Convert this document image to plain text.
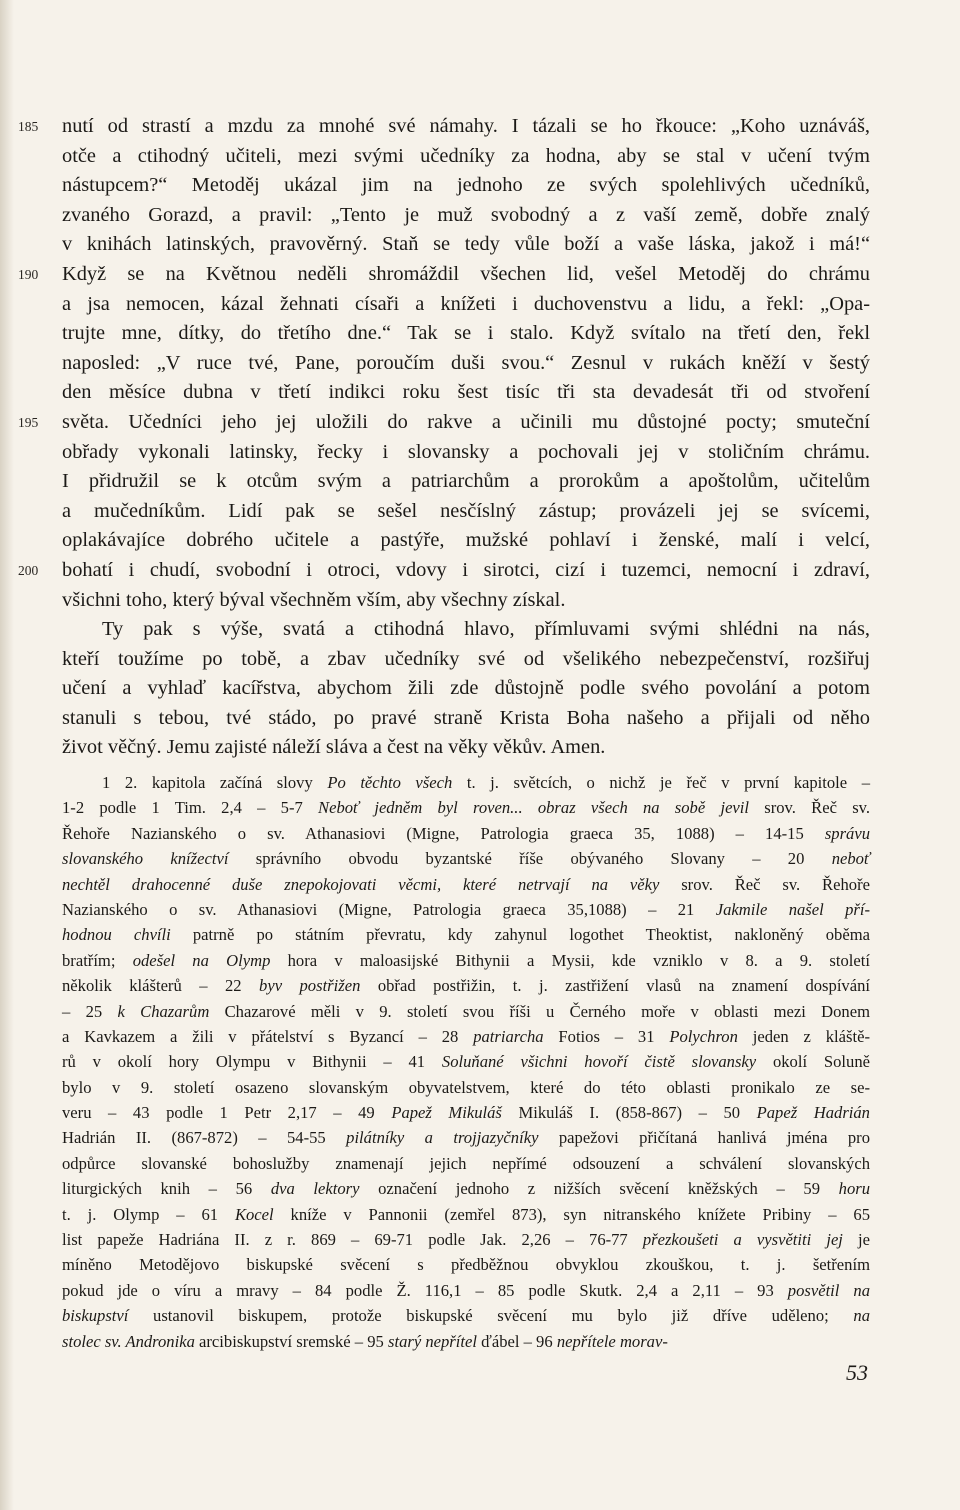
nutí od strastí a mzdu za mnohé své námahy. I tázali se ho řkouce: „Koho uznáváš,
otče a ctihodný učiteli, mezi svými učedníky za hodna, aby se stal v učení tvým
nástupcem?“ Metoděj ukázal jim na jednoho ze svých spolehlivých učedníků,
zvaného Gorazd, a pravil: „Tento je muž svobodný a z vaší země, dobře znalý
v knihách latinských, pravověrný. Staň se tedy vůle boží a vaše láska, jakož i má!“
Když se na Květnou neděli shromáždil všechen lid, vešel Metoděj do chrámu
a jsa nemocen, kázal žehnati císaři a knížeti i duchovenstvu a lidu, a řekl: „Opa-
trujte mne, dítky, do třetího dne.“ Tak se i stalo. Když svítalo na třetí den, řekl
naposled: „V ruce tvé, Pane, poroučím duši svou.“ Zesnul v rukách kněží v šestý
den měsíce dubna v třetí indikci roku šest tisíc tři sta devadesát tři od stvoření
světa. Učedníci jeho jej uložili do rakve a učinili mu důstojné pocty; smuteční
obřady vykonali latinsky, řecky i slovansky a pochovali jej v stoličním chrámu.
I přidružil se k otcům svým a patriarchům a prorokům a apoštolům, učitelům
a mučedníkům. Lidí pak se sešel nesčíslný zástup; provázeli jej se svícemi,
oplakávajíce dobrého učitele a pastýře, mužské pohlaví i ženské, malí i velcí,
bohatí i chudí, svobodní i otroci, vdovy i sirotci, cizí i tuzemci, nemocní i zdraví,
všichni toho, který býval všechněm vším, aby všechny získal.
Ty pak s výše, svatá a ctihodná hlavo, přímluvami svými shlédni na nás,
kteří toužíme po tobě, a zbav učedníky své od všelikého nebezpečenství, rozšiřuj
učení a vyhlaď kacířstva, abychom žili zde důstojně podle svého povolání a potom
stanuli s tebou, tvé stádo, po pravé straně Krista Boha našeho a přijali od něho
život věčný. Jemu zajisté náleží sláva a čest na věky věkův. Amen.
185
190
195
200
1 2. kapitola začíná slovy Po těchto všech t. j. světcích, o nichž je řeč v první kapitole –
1-2 podle 1 Tim. 2,4 – 5-7 Neboť jedněm byl roven... obraz všech na sobě jevil srov. Řeč sv.
Řehoře Nazianského o sv. Athanasiovi (Migne, Patrologia graeca 35, 1088) – 14-15 správu
slovanského knížectví správního obvodu byzantské říše obývaného Slovany – 20 neboť
nechtěl drahocenné duše znepokojovati věcmi, které netrvají na věky srov. Řeč sv. Řehoře
Nazianského o sv. Athanasiovi (Migne, Patrologia graeca 35,1088) – 21 Jakmile našel pří-
hodnou chvíli patrně po státním převratu, kdy zahynul logothet Theoktist, nakloněný oběma
bratřím; odešel na Olymp hora v maloasijské Bithynii a Mysii, kde vzniklo v 8. a 9. století
několik klášterů – 22 byv postřižen obřad postřižin, t. j. zastřižení vlasů na znamení dospívání
– 25 k Chazarům Chazarové měli v 9. století svou říši u Černého moře v oblasti mezi Donem
a Kavkazem a žili v přátelství s Byzancí – 28 patriarcha Fotios – 31 Polychron jeden z kláště-
rů v okolí hory Olympu v Bithynii – 41 Soluňané všichni hovoří čistě slovansky okolí Soluně
bylo v 9. století osazeno slovanským obyvatelstvem, které do této oblasti pronikalo ze se-
veru – 43 podle 1 Petr 2,17 – 49 Papež Mikuláš Mikuláš I. (858-867) – 50 Papež Hadrián
Hadrián II. (867-872) – 54-55 pilátníky a trojjazyčníky papežovi přičítaná hanlivá jména pro
odpůrce slovanské bohoslužby znamenají jejich nepřímé odsouzení a schválení slovanských
liturgických knih – 56 dva lektory označení jednoho z nižších svěcení kněžských – 59 horu
t. j. Olymp – 61 Kocel kníže v Pannonii (zemřel 873), syn nitranského knížete Pribiny – 65
list papeže Hadriána II. z r. 869 – 69-71 podle Jak. 2,26 – 76-77 přezkoušeti a vysvětiti jej je
míněno Metodějovo biskupské svěcení s předběžnou obvyklou zkouškou, t. j. šetřením
pokud jde o víru a mravy – 84 podle Ž. 116,1 – 85 podle Skutk. 2,4 a 2,11 – 93 posvětil na
biskupství ustanovil biskupem, protože biskupské svěcení mu bylo již dříve uděleno; na
stolec sv. Andronika arcibiskupství sremské – 95 starý nepřítel ďábel – 96 nepřítele morav-
53
